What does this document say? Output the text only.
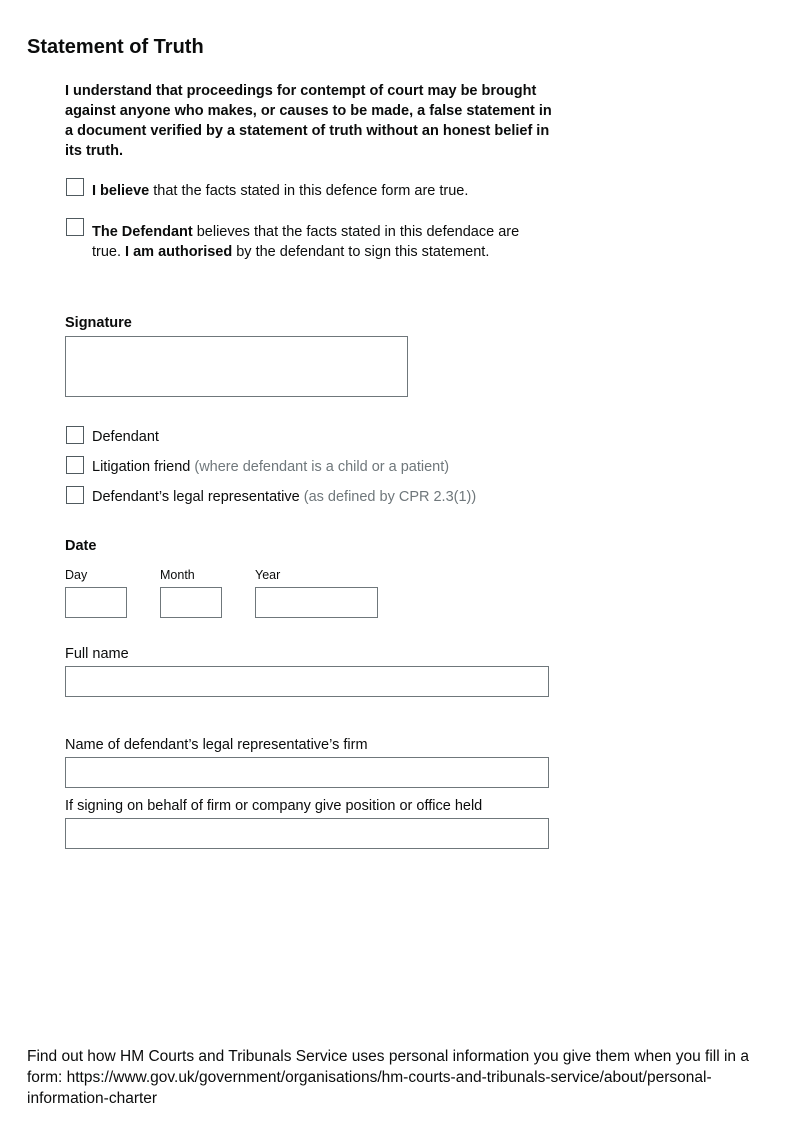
Statement of Truth
I understand that proceedings for contempt of court may be brought against anyone who makes, or causes to be made, a false statement in a document verified by a statement of truth without an honest belief in its truth.
I believe that the facts stated in this defence form are true.
The Defendant believes that the facts stated in this defendace are true. I am authorised by the defendant to sign this statement.
Signature
Defendant
Litigation friend (where defendant is a child or a patient)
Defendant’s legal representative (as defined by CPR 2.3(1))
Date
Day	Month	Year
Full name
Name of defendant’s legal representative’s firm
If signing on behalf of firm or company give position or office held
Find out how HM Courts and Tribunals Service uses personal information you give them when you fill in a form: https://www.gov.uk/government/organisations/hm-courts-and-tribunals-service/about/personal-information-charter
